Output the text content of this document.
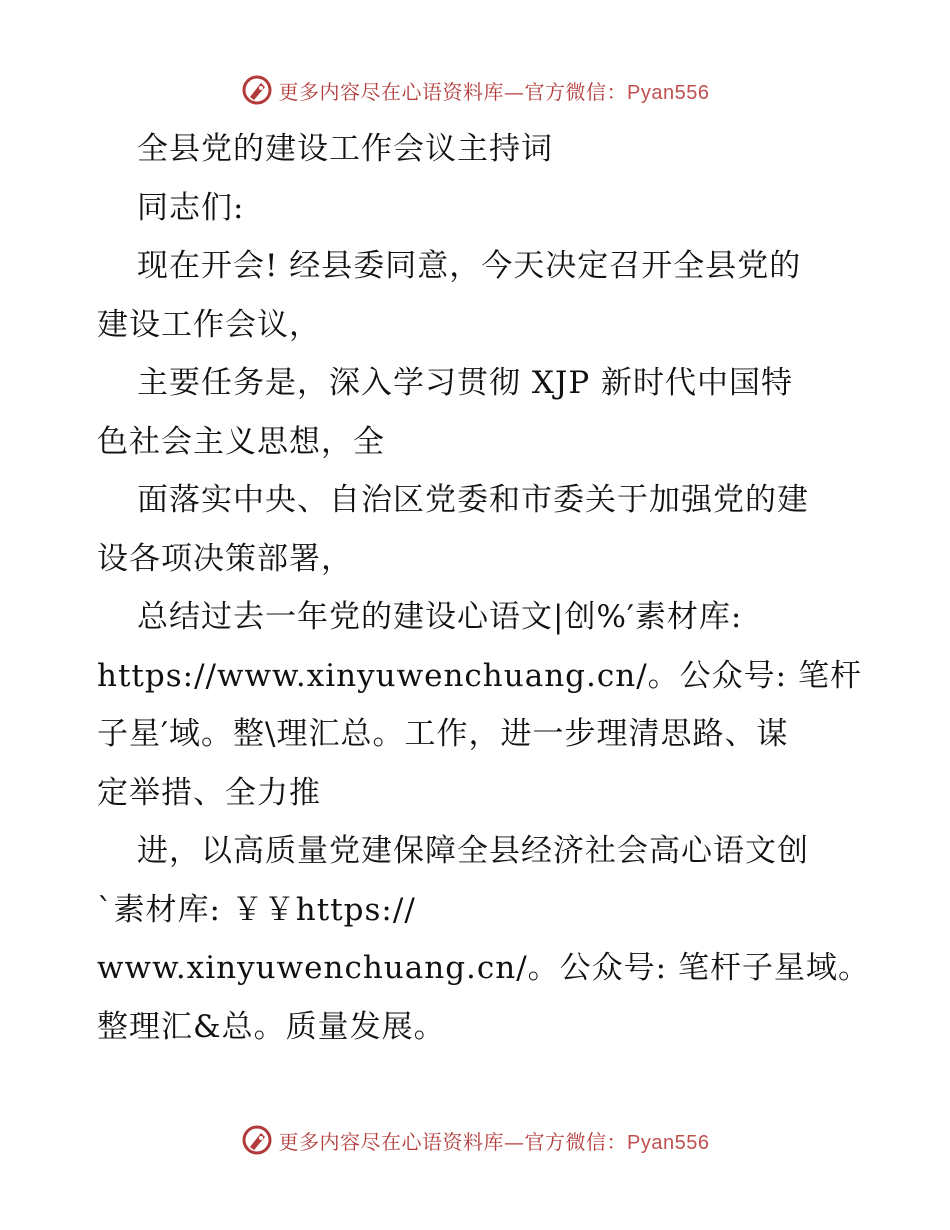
更多内容尽在心语资料库—官方微信：Pyan556
全县党的建设工作会议主持词
同志们:
现在开会! 经县委同意，今天决定召开全县党的
建设工作会议，
主要任务是，深入学习贯彻 XJP 新时代中国特
色社会主义思想，全
面落实中央、自治区党委和市委关于加强党的建
设各项决策部署，
总结过去一年党的建设心语文|创%′素材库:
https://www.xinyuwenchuang.cn/。公众号: 笔杆
子星′域。整\理汇总。工作，进一步理清思路、谋
定举措、全力推
进，以高质量党建保障全县经济社会高心语文创
`素材库: ￥￥https://
www.xinyuwenchuang.cn/。公众号: 笔杆子星域。
整理汇&总。质量发展。
更多内容尽在心语资料库—官方微信：Pyan556
